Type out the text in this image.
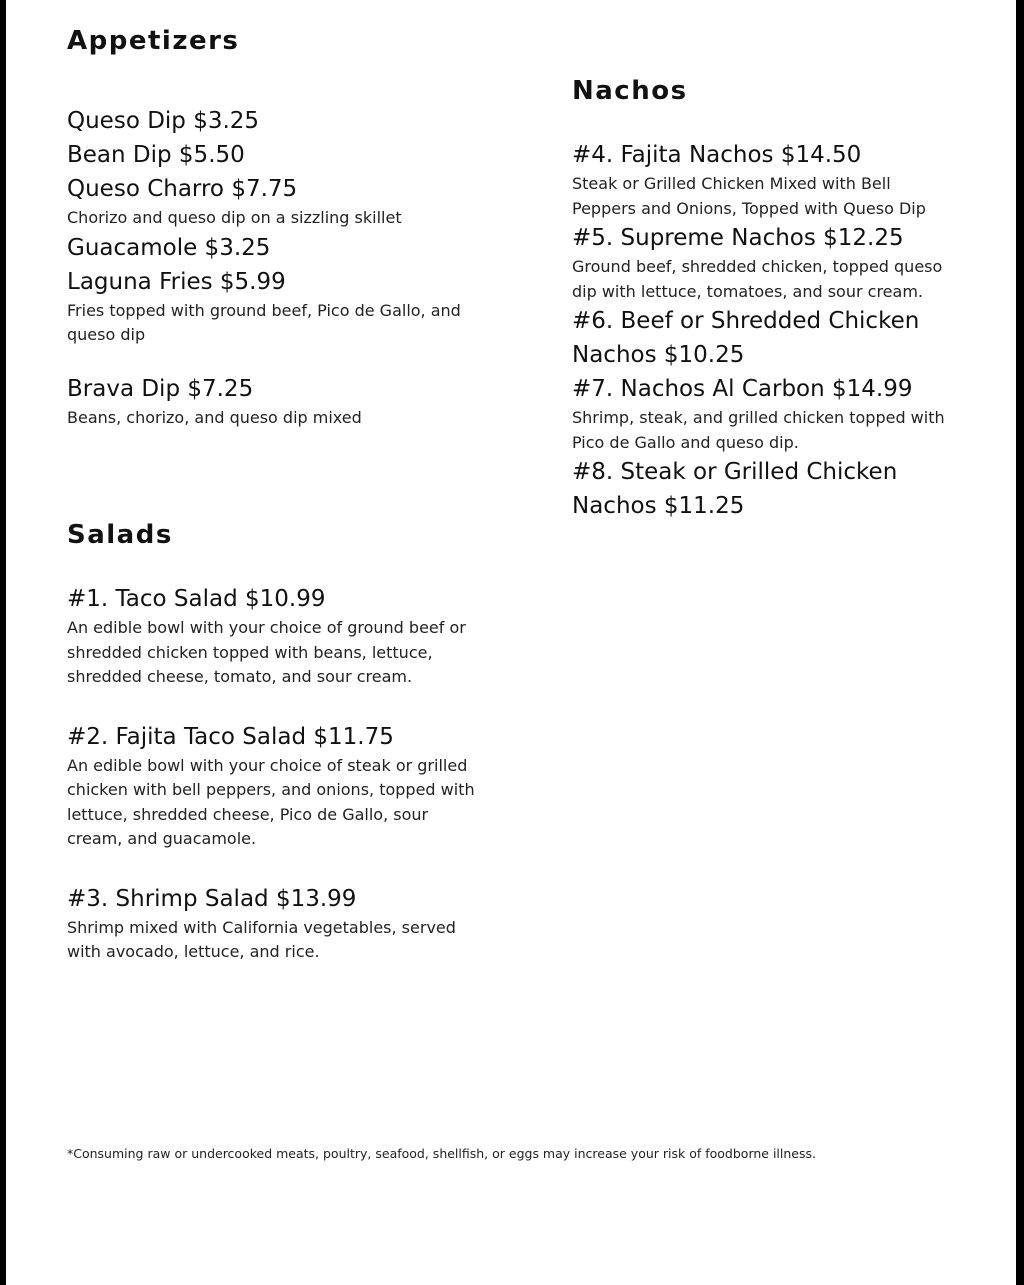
Appetizers
Queso Dip $3.25
Bean Dip $5.50
Queso Charro $7.75
Chorizo and queso dip on a sizzling skillet
Guacamole $3.25
Laguna Fries $5.99
Fries topped with ground beef, Pico de Gallo, and queso dip
Brava Dip $7.25
Beans, chorizo, and queso dip mixed
Salads
#1. Taco Salad $10.99
An edible bowl with your choice of ground beef or shredded chicken topped with beans, lettuce, shredded cheese, tomato, and sour cream.
#2. Fajita Taco Salad $11.75
An edible bowl with your choice of steak or grilled chicken with bell peppers, and onions, topped with lettuce, shredded cheese, Pico de Gallo, sour cream, and guacamole.
#3. Shrimp Salad $13.99
Shrimp mixed with California vegetables, served with avocado, lettuce, and rice.
Nachos
#4. Fajita Nachos $14.50
Steak or Grilled Chicken Mixed with Bell Peppers and Onions, Topped with Queso Dip
#5. Supreme Nachos $12.25
Ground beef, shredded chicken, topped queso dip with lettuce, tomatoes, and sour cream.
#6. Beef or Shredded Chicken Nachos $10.25
#7. Nachos Al Carbon $14.99
Shrimp, steak, and grilled chicken topped with Pico de Gallo and queso dip.
#8. Steak or Grilled Chicken Nachos $11.25
*Consuming raw or undercooked meats, poultry, seafood, shellfish, or eggs may increase your risk of foodborne illness.
